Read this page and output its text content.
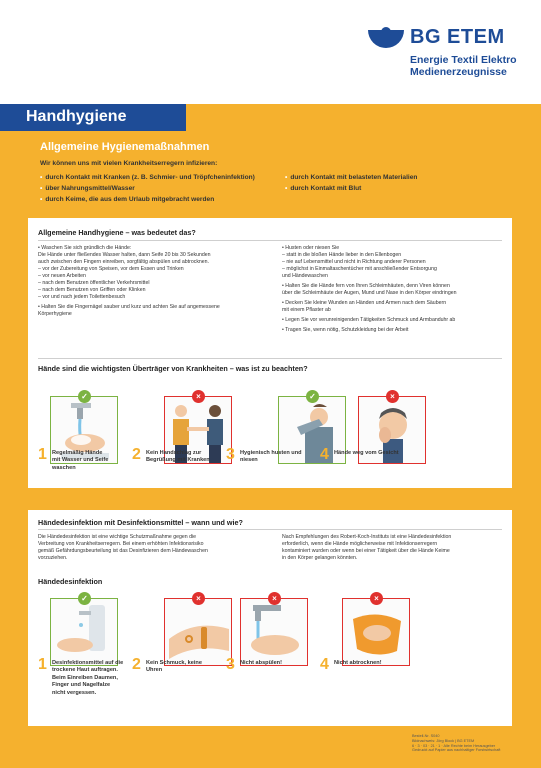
BG ETEM
Energie Textil Elektro
Medienerzeugnisse
Handhygiene
Allgemeine Hygienemaßnahmen
Wir können uns mit vielen Krankheitserregern infizieren:
• durch Kontakt mit Kranken (z. B. Schmier- und Tröpfcheninfektion)
• über Nahrungsmittel/Wasser
• durch Keime, die aus dem Urlaub mitgebracht werden
• durch Kontakt mit belasteten Materialien
• durch Kontakt mit Blut
Allgemeine Handhygiene – was bedeutet das?
• Waschen Sie sich gründlich die Hände:
Die Hände unter fließendes Wasser halten, dann Seife 20 bis 30 Sekunden
auch zwischen den Fingern einreiben, sorgfältig abspülen und abtrocknen.
– vor der Zubereitung von Speisen, vor dem Essen und Trinken
– vor neuen Arbeiten
– nach dem Benutzen öffentlicher Verkehrsmittel
– nach dem Benutzen von Griffen oder Klinken
– vor und nach jedem Toilettenbesuch
• Halten Sie die Fingernägel sauber und kurz und achten Sie auf angemessene
Körperhygiene
• Husten oder niesen Sie
– statt in die bloßen Hände lieber in den Ellenbogen
– nie auf Lebensmittel und nicht in Richtung anderer Personen
– möglichst in Einmaltaschentücher mit anschließender Entsorgung
und Händewaschen
• Halten Sie die Hände fern von Ihren Schleimhäuten, denn Viren können
über die Schleimhäute der Augen, Mund und Nase in den Körper eindringen
• Decken Sie kleine Wunden an Händen und Armen nach dem Säubern
mit einem Pflaster ab
• Legen Sie vor verunreinigenden Tätigkeiten Schmuck und Armbanduhr ab
• Tragen Sie, wenn nötig, Schutzkleidung bei der Arbeit
Hände sind die wichtigsten Überträger von Krankheiten – was ist zu beachten?
✓	×	✓	×
1 Regelmäßig Hände
mit Wasser und Seife
waschen
2 Kein Handschlag zur
Begrüßung mit Kranken 3 Hygienisch husten und
niesen	4 Hände weg vom Gesicht
Händedesinfektion mit Desinfektionsmittel – wann und wie?
Die Händedesinfektion ist eine wichtige Schutzmaßnahme gegen die
Verbreitung von Krankheitserregern. Bei einem erhöhten Infektionsrisiko
gemäß Gefährdungsbeurteilung ist das Desinfizieren dem Händewaschen
vorzuziehen.
Nach Empfehlungen des Robert-Koch-Instituts ist eine Händedesinfektion
erforderlich, wenn die Hände möglicherweise mit Infektionserregern
kontaminiert wurden oder wenn bei einer Tätigkeit über die Hände Keime
in den Körper gelangen könnten.
Händedesinfektion
✓	×	×	×
1 Desinfektionsmittel auf die
trockene Haut auftragen.
Beim Einreiben Daumen,
Finger und Nagelfalze
nicht vergessen.
2 Kein Schmuck, keine
Uhren	3 Nicht abspülen! 4 Nicht abtrocknen!
Bestell-Nr. S040
Bildnachweis: Jörg Block | BG ETEM
6 · 3 · 03 · 21 · 1 · Alle Rechte beim Herausgeber
Gedruckt auf Papier aus nachhaltiger Forstwirtschaft
